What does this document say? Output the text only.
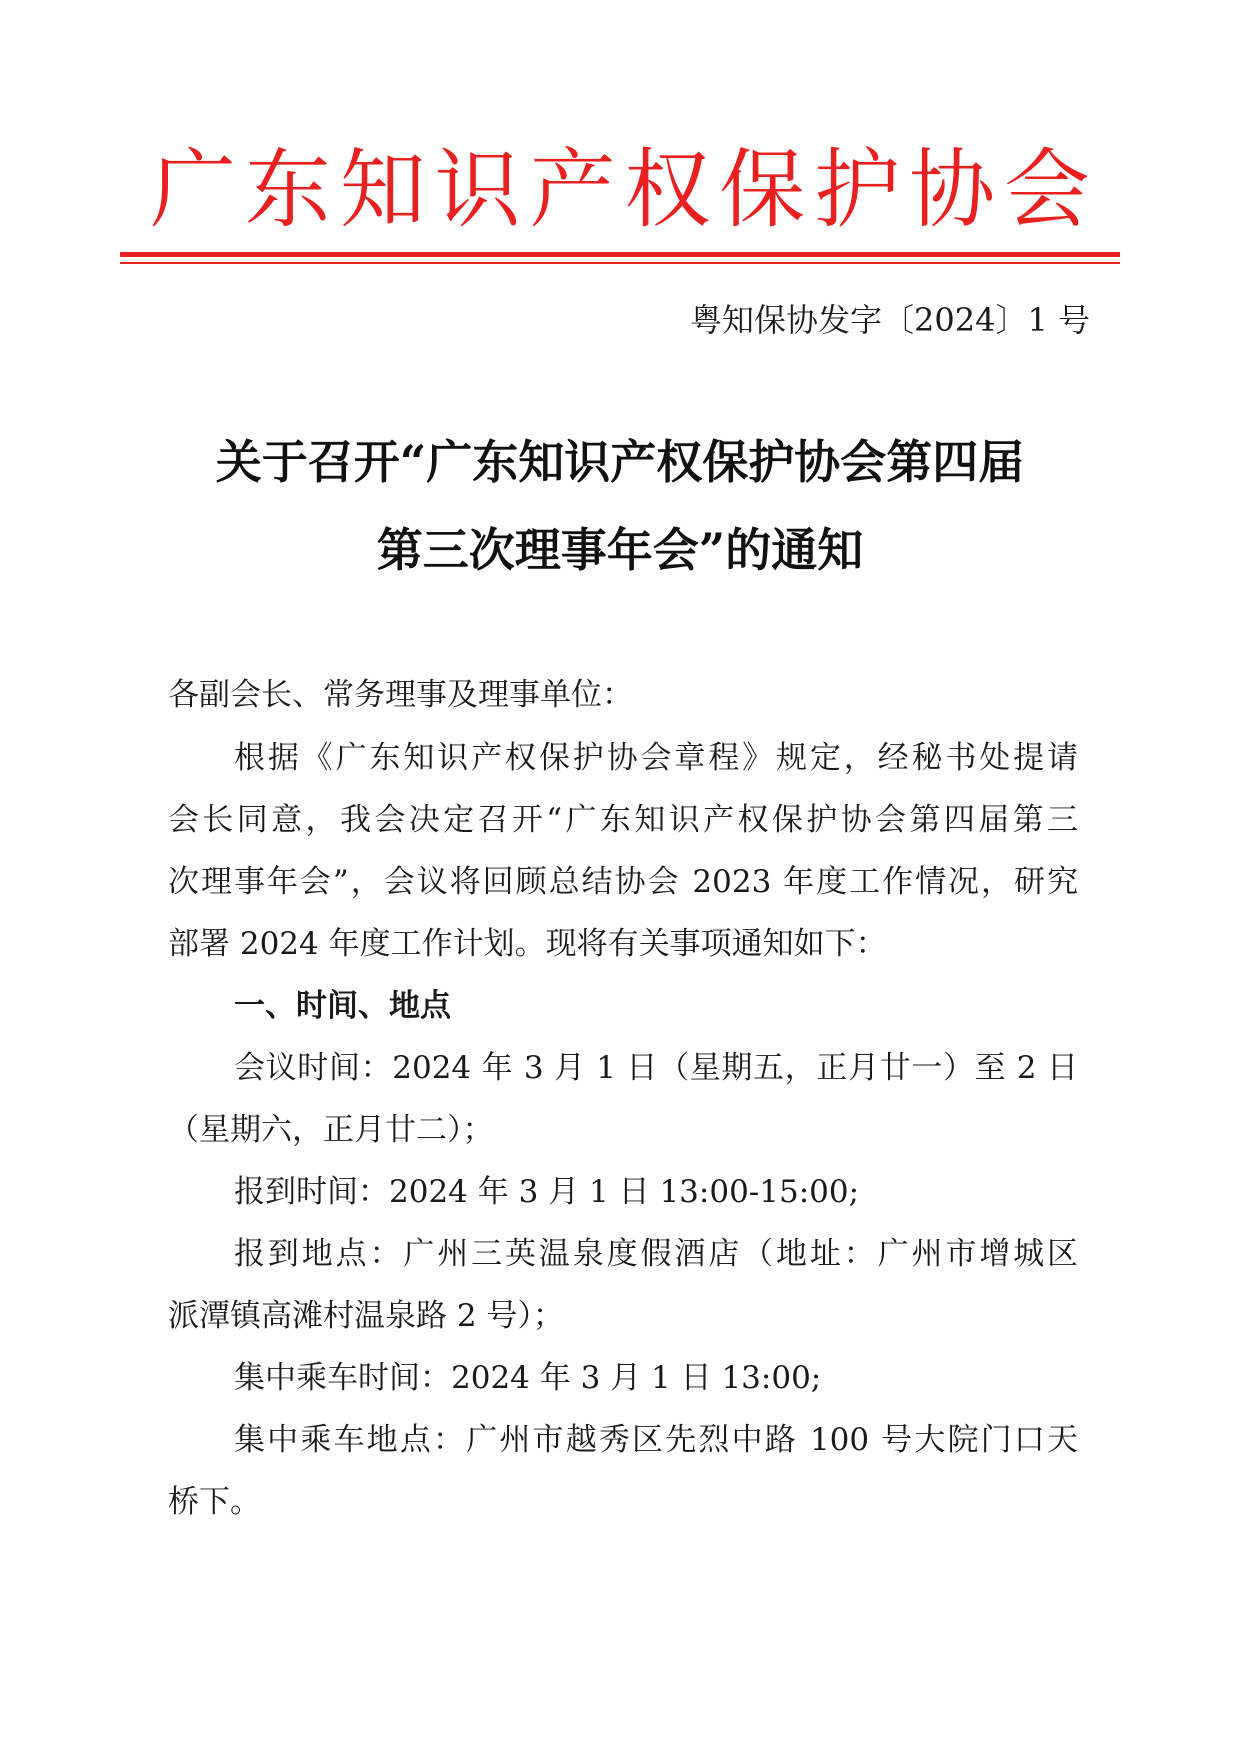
广 东 知 识 产 权 保 护 协 会
粤知保协发字〔2024〕1 号
关于召开“广东知识产权保护协会第四届
第三次理事年会”的通知
各副会长、常务理事及理事单位：
根据《广东知识产权保护协会章程》规定，经秘书处提请
会长同意，我会决定召开“广东知识产权保护协会第四届第三
次理事年会”，会议将回顾总结协会 2023 年度工作情况，研究
部署 2024 年度工作计划。现将有关事项通知如下：
一、时间、地点
会议时间：2024 年 3 月 1 日（星期五，正月廿一）至 2 日
（星期六，正月廿二）；
报到时间：2024 年 3 月 1 日 13:00-15:00;
报到地点：广州三英温泉度假酒店（地址：广州市增城区
派潭镇高滩村温泉路 2 号）；
集中乘车时间：2024 年 3 月 1 日 13:00;
集中乘车地点：广州市越秀区先烈中路 100 号大院门口天
桥下。
